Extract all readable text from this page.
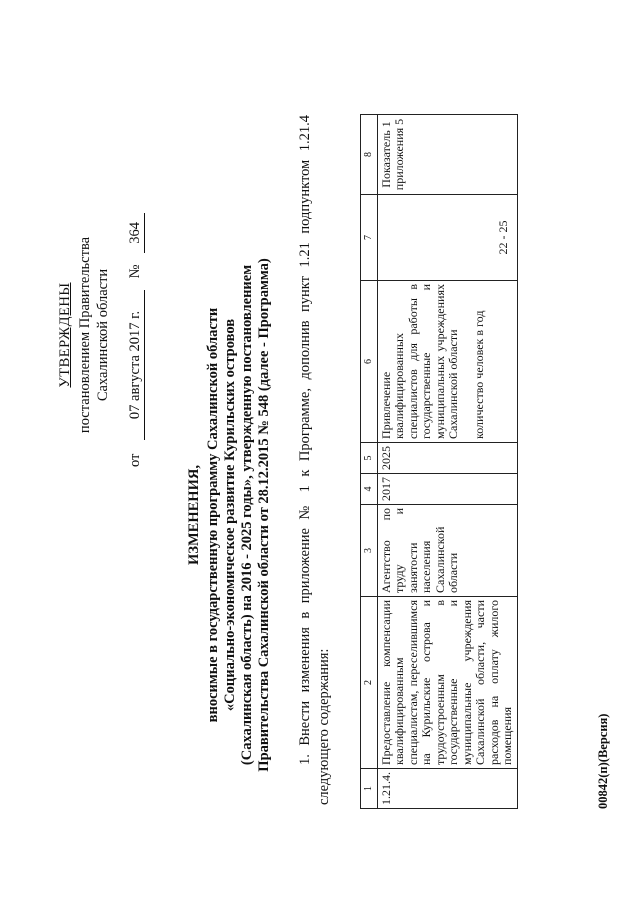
УТВЕРЖДЕНЫ постановлением Правительства Сахалинской области
от 07 августа 2017 г. № 364
ИЗМЕНЕНИЯ, вносимые в государственную программу Сахалинской области «Социально-экономическое развитие Курильских островов (Сахалинская область) на 2016 - 2025 годы», утвержденную постановлением Правительства Сахалинской области от 28.12.2015 № 548 (далее - Программа) 1. Внести изменения в приложение № 1 к Программе, дополнив пункт 1.21 подпунктом 1.21.4 следующего содержания:	1	2	3	4	5	6	7	8
1.21.4.	Предоставление компенсации квалифицированным специалистам, переселившимся на Курильские острова и трудоустроенным в государственные и муниципальные учреждения Сахалинской области, части расходов на оплату жилого помещения	Агентство по труду и занятости населения Сахалинской области	2017	2025	Привлечение квалифицированных специалистов для работы в государственные и муниципальных учреждениях Сахалинской области количество человек в год	22 - 25	Показатель 1 приложения 5
00842(п)(Версия)
